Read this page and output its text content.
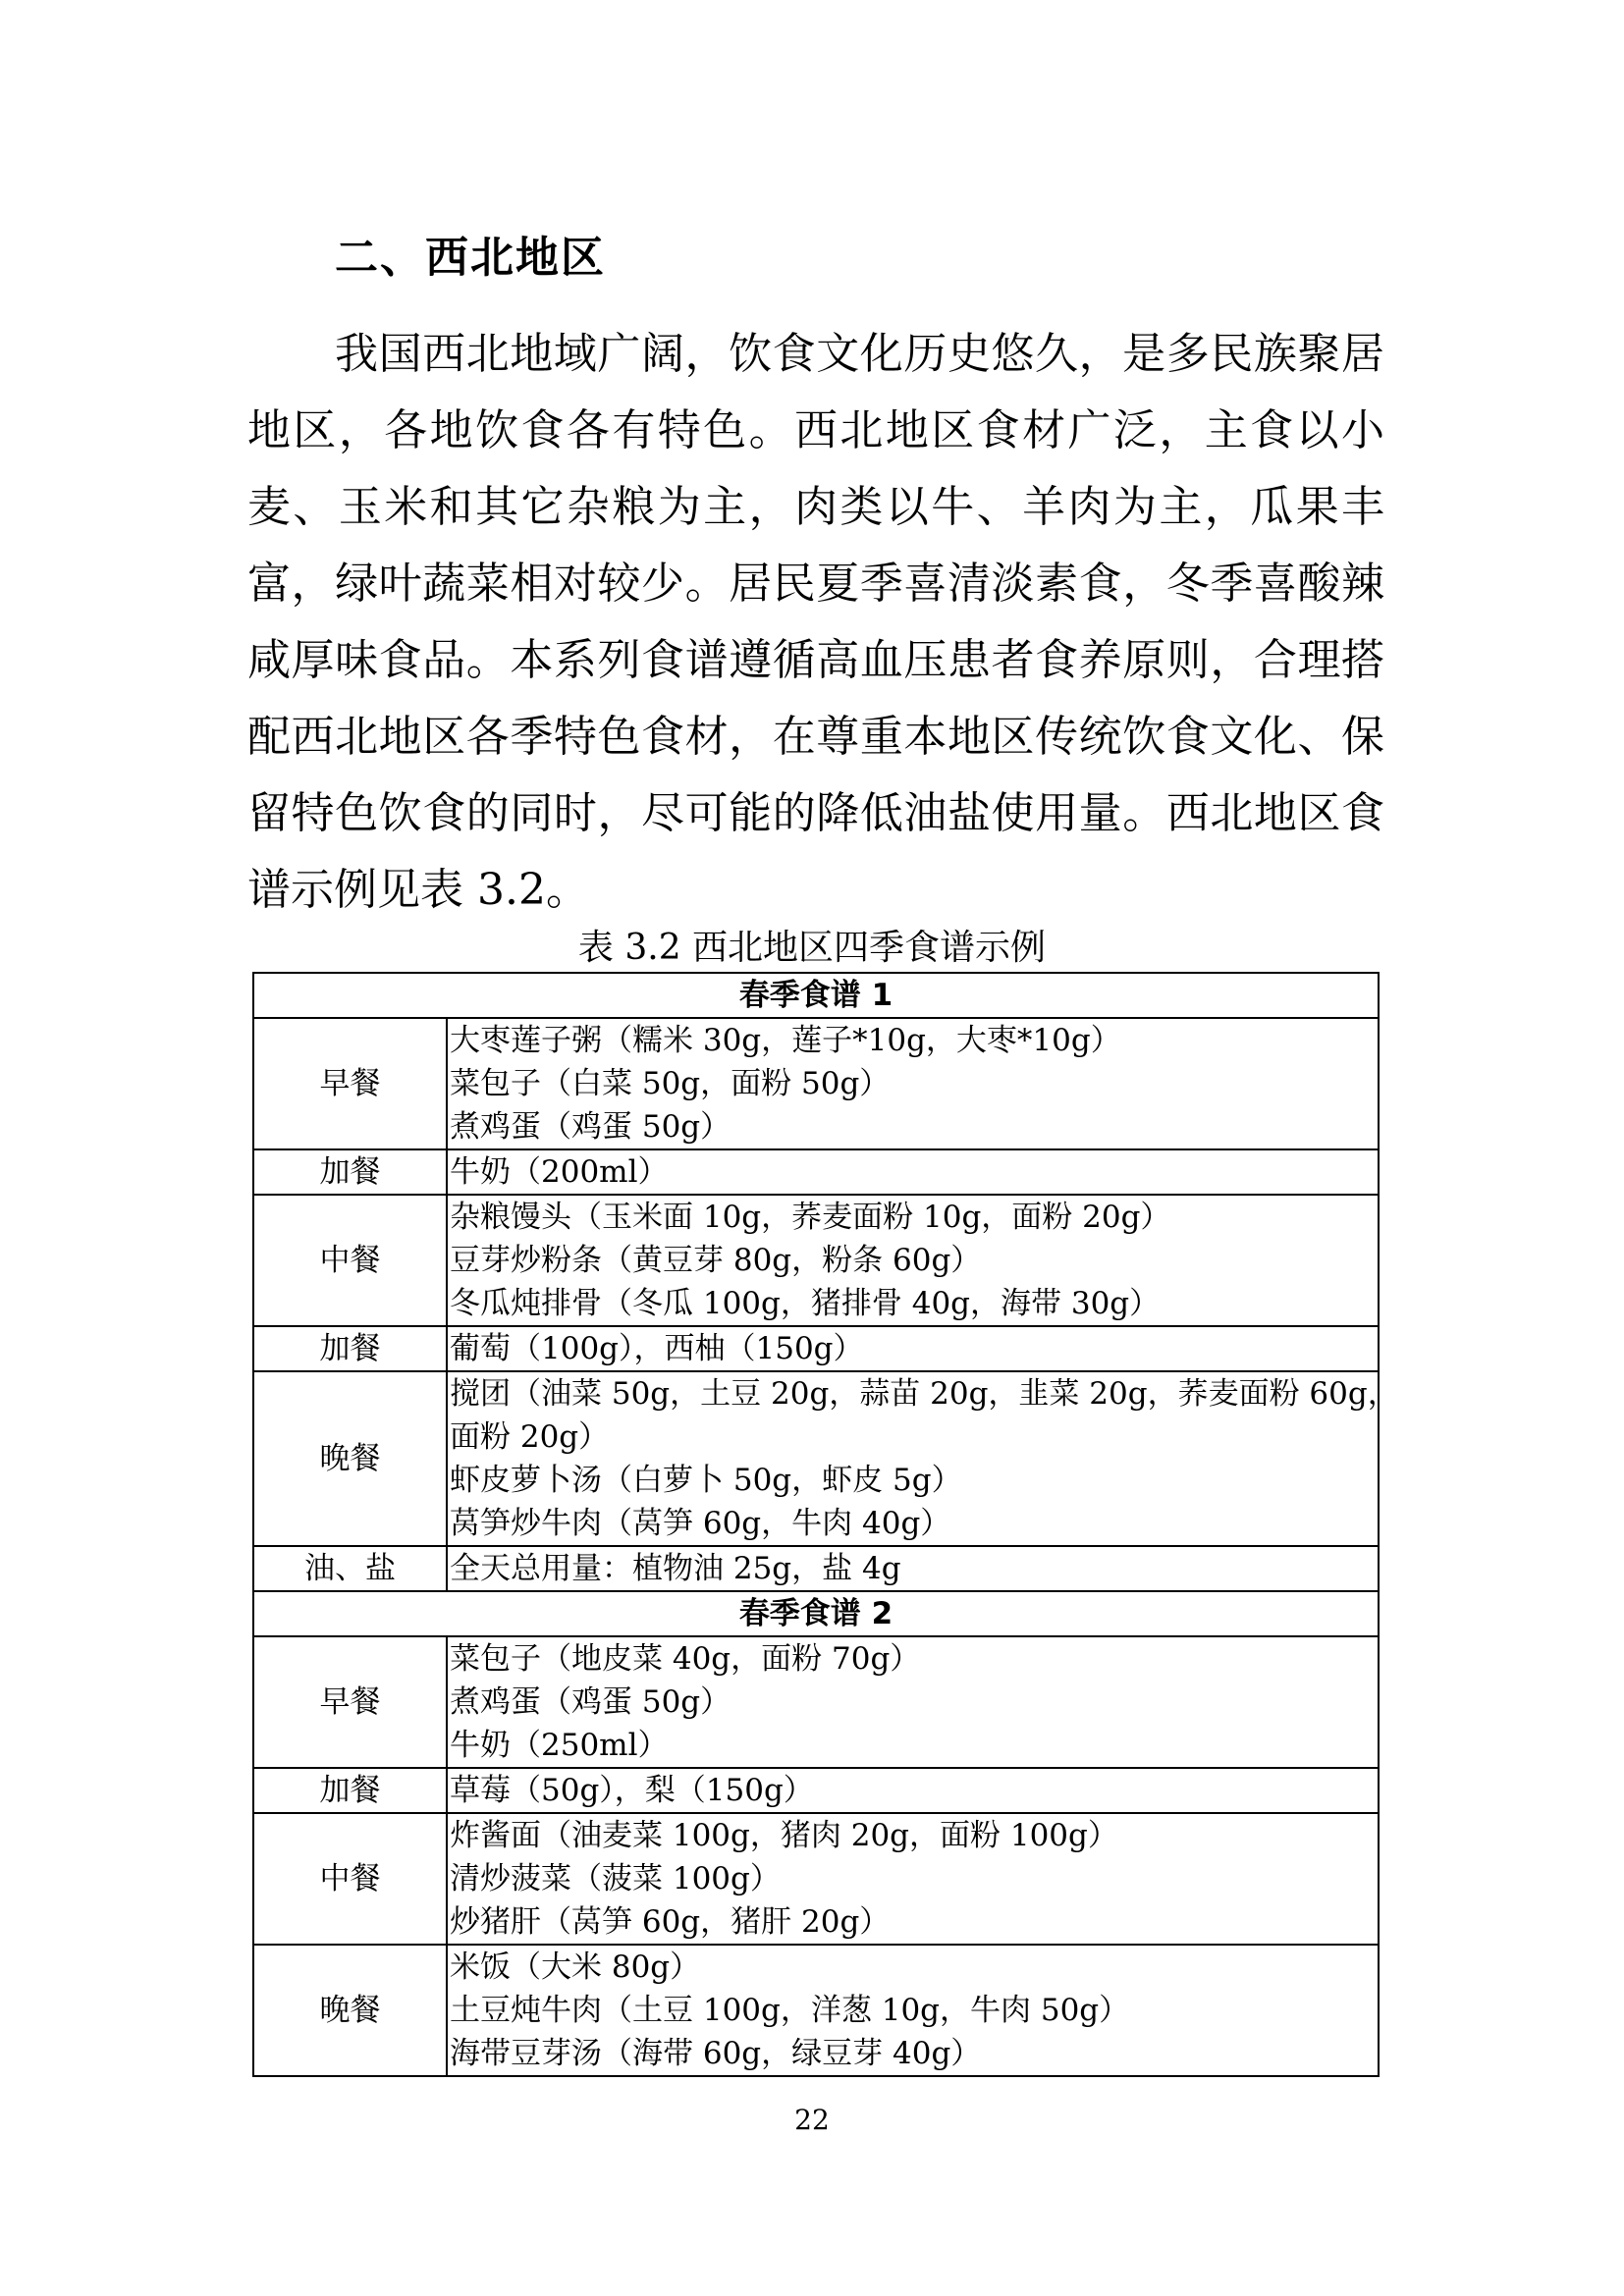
二、西北地区

我国西北地域广阔，饮食文化历史悠久，是多民族聚居地区，各地饮食各有特色。西北地区食材广泛，主食以小麦、玉米和其它杂粮为主，肉类以牛、羊肉为主，瓜果丰富，绿叶蔬菜相对较少。居民夏季喜清淡素食，冬季喜酸辣咸厚味食品。本系列食谱遵循高血压患者食养原则，合理搭配西北地区各季特色食材，在尊重本地区传统饮食文化、保留特色饮食的同时，尽可能的降低油盐使用量。西北地区食谱示例见表 3.2。

表 3.2 西北地区四季食谱示例

春季食谱 1	
早餐	大枣莲子粥（糯米 30g，莲子*10g，大枣*10g）
菜包子（白菜 50g，面粉 50g）
煮鸡蛋（鸡蛋 50g）

加餐	牛奶（200ml）

中餐	杂粮馒头（玉米面 10g，荞麦面粉 10g，面粉 20g）
豆芽炒粉条（黄豆芽 80g，粉条 60g）
冬瓜炖排骨（冬瓜 100g，猪排骨 40g，海带 30g）

加餐	葡萄（100g），西柚（150g）

晚餐	搅团（油菜 50g，土豆 20g，蒜苗 20g，韭菜 20g，荞麦面粉 60g，
面粉 20g）
虾皮萝卜汤（白萝卜 50g，虾皮 5g）
莴笋炒牛肉（莴笋 60g，牛肉 40g）

油、盐	全天总用量：植物油 25g，盐 4g

春季食谱 2	
早餐	菜包子（地皮菜 40g，面粉 70g）
煮鸡蛋（鸡蛋 50g）
牛奶（250ml）

加餐	草莓（50g），梨（150g）

中餐	炸酱面（油麦菜 100g，猪肉 20g，面粉 100g）
清炒菠菜（菠菜 100g）
炒猪肝（莴笋 60g，猪肝 20g）

晚餐	米饭（大米 80g）
土豆炖牛肉（土豆 100g，洋葱 10g，牛肉 50g）
海带豆芽汤（海带 60g，绿豆芽 40g）

22
